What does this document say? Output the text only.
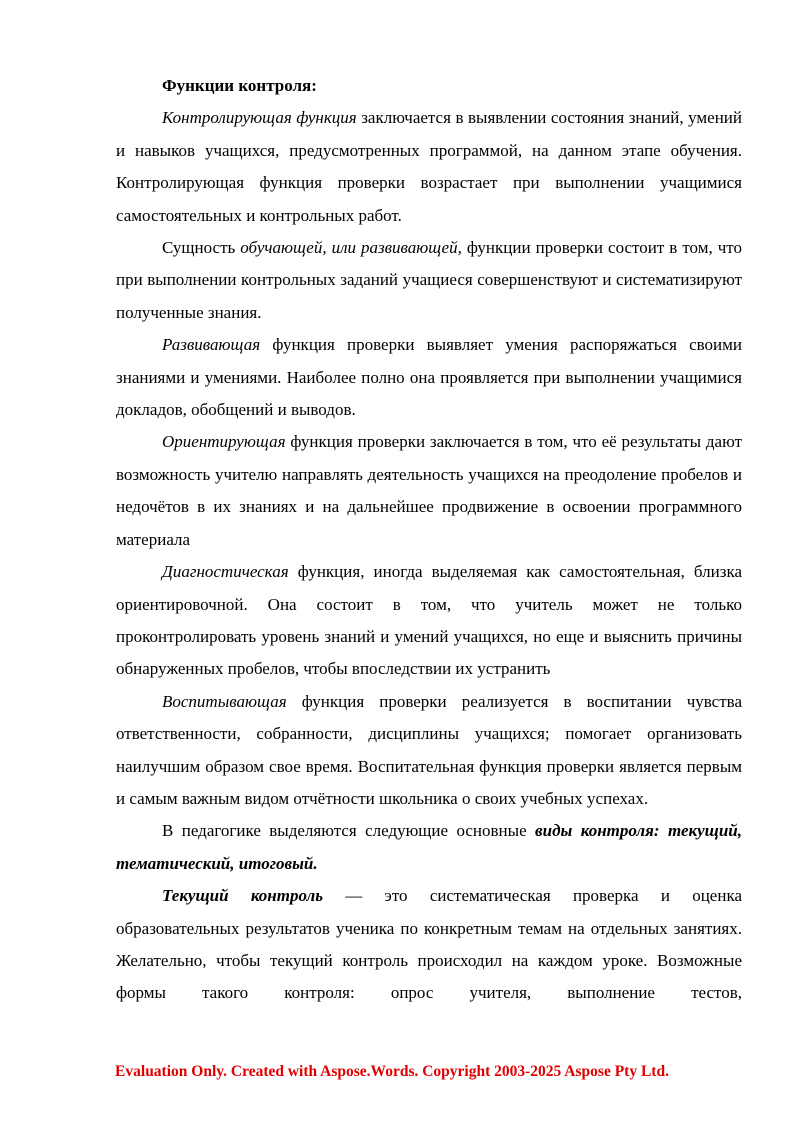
Функции контроля:

Контролирующая функция заключается в выявлении состояния знаний, умений и навыков учащихся, предусмотренных программой, на данном этапе обучения. Контролирующая функция проверки возрастает при выполнении учащимися самостоятельных и контрольных работ.

Сущность обучающей, или развивающей, функции проверки состоит в том, что при выполнении контрольных заданий учащиеся совершенствуют и систематизируют полученные знания.

Развивающая функция проверки выявляет умения распоряжаться своими знаниями и умениями. Наиболее полно она проявляется при выполнении учащимися докладов, обобщений и выводов.

Ориентирующая функция проверки заключается в том, что её результаты дают возможность учителю направлять деятельность учащихся на преодоление пробелов и недочётов в их знаниях и на дальнейшее продвижение в освоении программного материала

Диагностическая функция, иногда выделяемая как самостоятельная, близка ориентировочной. Она состоит в том, что учитель может не только проконтролировать уровень знаний и умений учащихся, но еще и выяснить причины обнаруженных пробелов, чтобы впоследствии их устранить

Воспитывающая функция проверки реализуется в воспитании чувства ответственности, собранности, дисциплины учащихся; помогает организовать наилучшим образом свое время. Воспитательная функция проверки является первым и самым важным видом отчётности школьника о своих учебных успехах.

В педагогике выделяются следующие основные виды контроля: текущий, тематический, итоговый.

Текущий контроль — это систематическая проверка и оценка образовательных результатов ученика по конкретным темам на отдельных занятиях. Желательно, чтобы текущий контроль происходил на каждом уроке. Возможные формы такого контроля: опрос учителя, выполнение тестов,

Evaluation Only. Created with Aspose.Words. Copyright 2003-2025 Aspose Pty Ltd.
